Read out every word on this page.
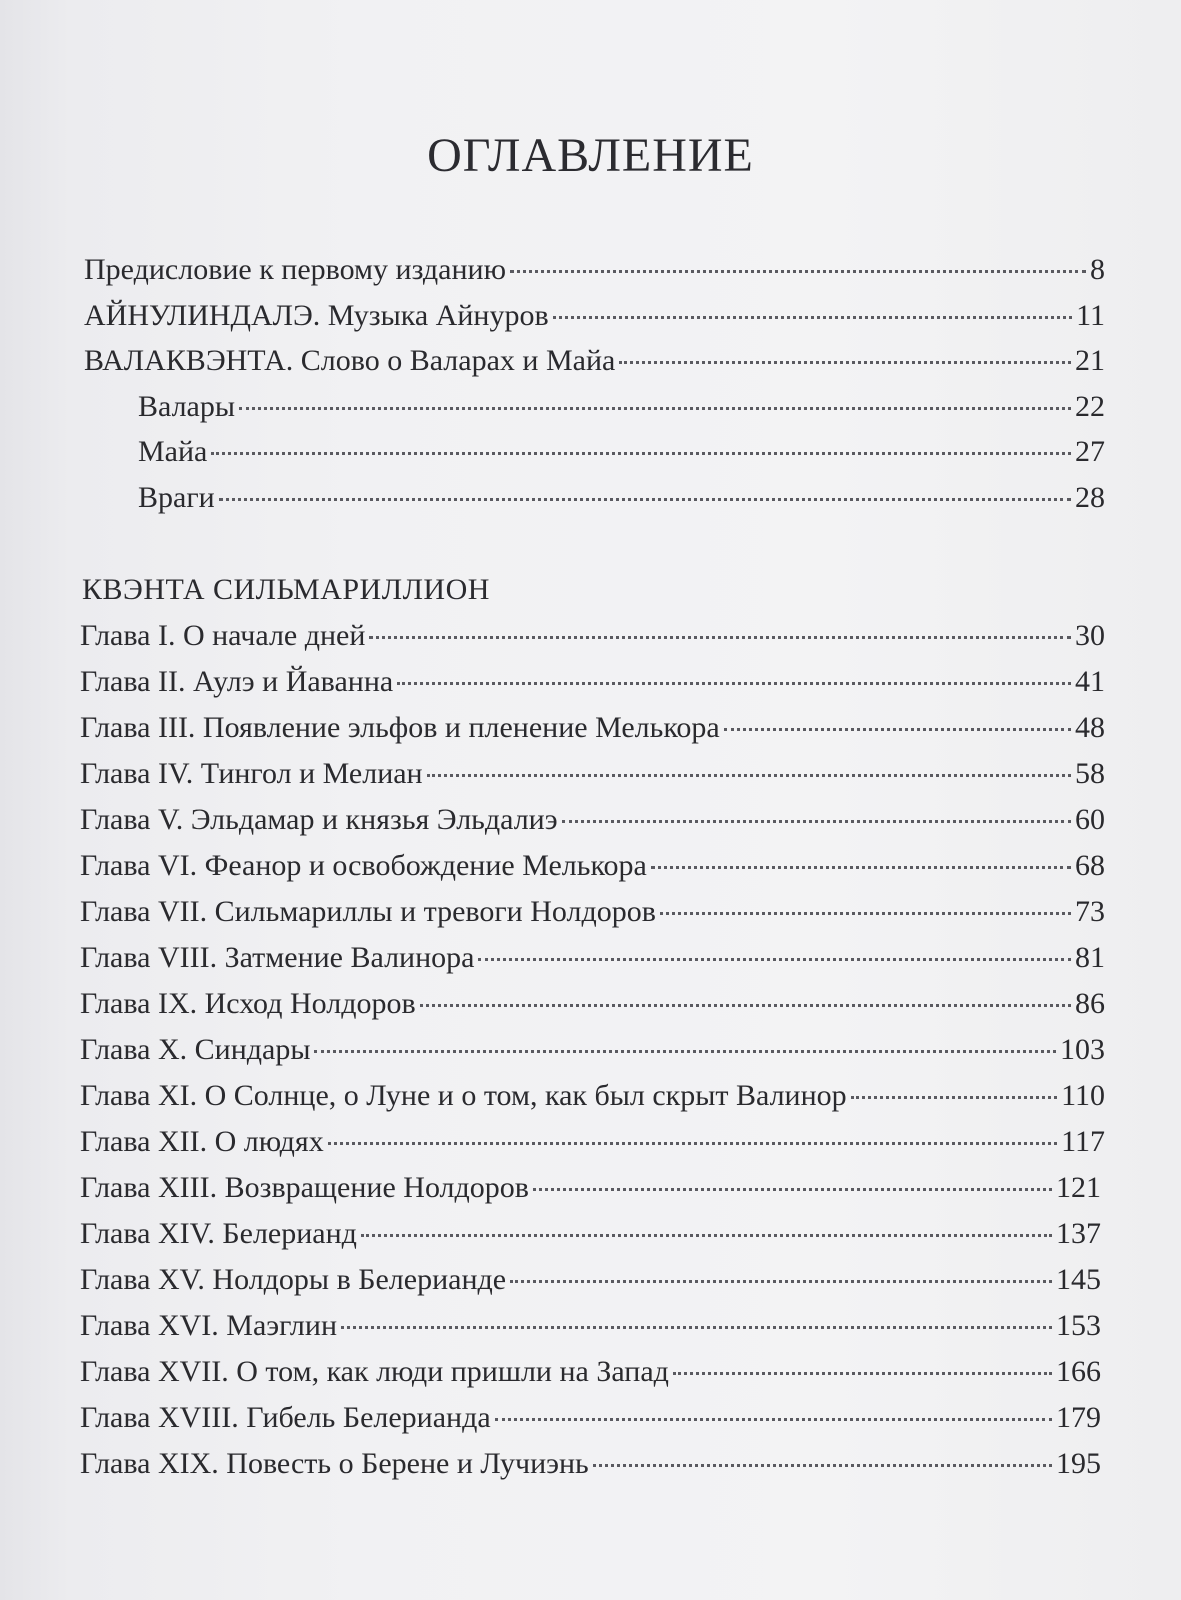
ОГЛАВЛЕНИЕ
Предисловие к первому изданию	8
АЙНУЛИНДАЛЭ. Музыка Айнуров	11
ВАЛАКВЭНТА. Слово о Валарах и Майа	21
Валары	22
Майа	27
Враги	28
КВЭНТА СИЛЬМАРИЛЛИОН
Глава I. О начале дней	30
Глава II. Аулэ и Йаванна	41
Глава III. Появление эльфов и пленение Мелькора	48
Глава IV. Тингол и Мелиан	58
Глава V. Эльдамар и князья Эльдалиэ	60
Глава VI. Феанор и освобождение Мелькора	68
Глава VII. Сильмариллы и тревоги Нолдоров	73
Глава VIII. Затмение Валинора	81
Глава IX. Исход Нолдоров	86
Глава X. Синдары	103
Глава XI. О Солнце, о Луне и о том, как был скрыт Валинор	110
Глава XII. О людях	117
Глава XIII. Возвращение Нолдоров	121
Глава XIV. Белерианд	137
Глава XV. Нолдоры в Белерианде	145
Глава XVI. Маэглин	153
Глава XVII. О том, как люди пришли на Запад	166
Глава XVIII. Гибель Белерианда	179
Глава XIX. Повесть о Берене и Лучиэнь	195
